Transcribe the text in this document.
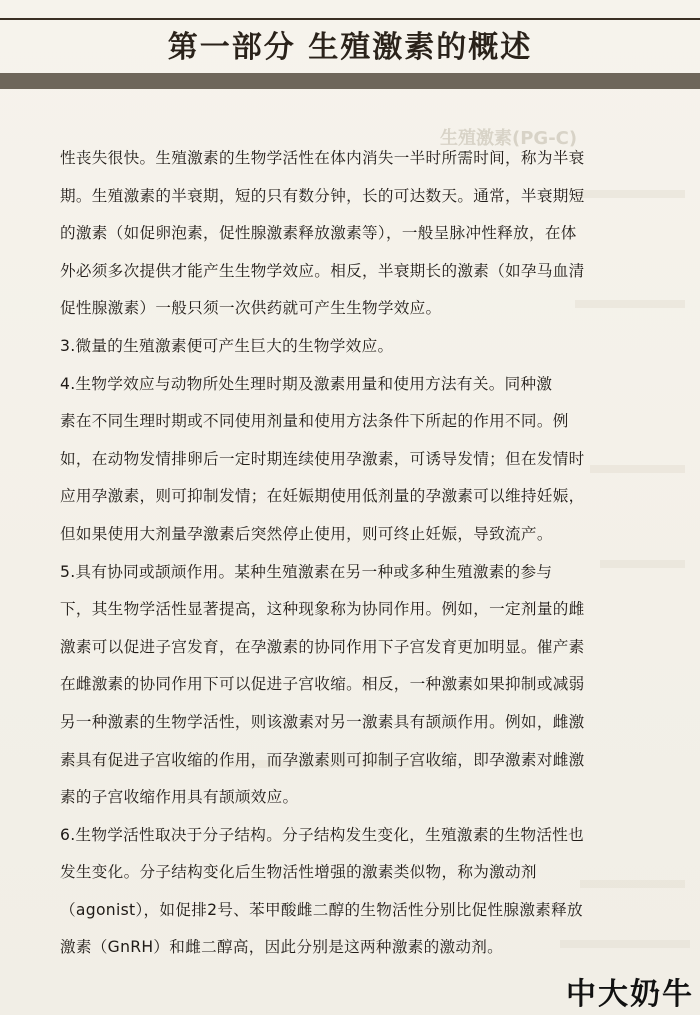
第一部分 生殖激素的概述
生殖激素(PG-C)
性丧失很快。生殖激素的生物学活性在体内消失一半时所需时间，称为半衰
期。生殖激素的半衰期，短的只有数分钟，长的可达数天。通常，半衰期短
的激素（如促卵泡素，促性腺激素释放激素等），一般呈脉冲性释放，在体
外必须多次提供才能产生生物学效应。相反，半衰期长的激素（如孕马血清
促性腺激素）一般只须一次供药就可产生生物学效应。
3.微量的生殖激素便可产生巨大的生物学效应。
4.生物学效应与动物所处生理时期及激素用量和使用方法有关。同种激
素在不同生理时期或不同使用剂量和使用方法条件下所起的作用不同。例
如，在动物发情排卵后一定时期连续使用孕激素，可诱导发情；但在发情时
应用孕激素，则可抑制发情；在妊娠期使用低剂量的孕激素可以维持妊娠，
但如果使用大剂量孕激素后突然停止使用，则可终止妊娠，导致流产。
5.具有协同或颉颃作用。某种生殖激素在另一种或多种生殖激素的参与
下，其生物学活性显著提高，这种现象称为协同作用。例如，一定剂量的雌
激素可以促进子宫发育，在孕激素的协同作用下子宫发育更加明显。催产素
在雌激素的协同作用下可以促进子宫收缩。相反，一种激素如果抑制或减弱
另一种激素的生物学活性，则该激素对另一激素具有颉颃作用。例如，雌激
素具有促进子宫收缩的作用，而孕激素则可抑制子宫收缩，即孕激素对雌激
素的子宫收缩作用具有颉颃效应。
6.生物学活性取决于分子结构。分子结构发生变化，生殖激素的生物活性也
发生变化。分子结构变化后生物活性增强的激素类似物，称为激动剂
（agonist），如促排2号、苯甲酸雌二醇的生物活性分别比促性腺激素释放
激素（GnRH）和雌二醇高，因此分别是这两种激素的激动剂。
中大奶牛
